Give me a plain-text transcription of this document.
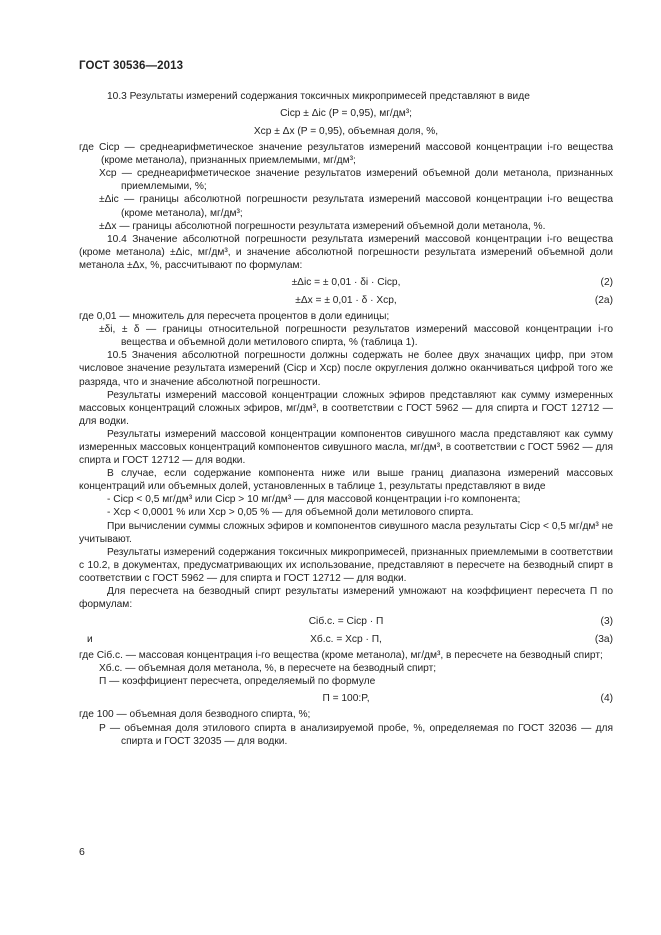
ГОСТ 30536—2013

10.3 Результаты измерений содержания токсичных микропримесей представляют в виде

Cicp ± Δic (P = 0,95), мг/дм³;
Xcp ± Δx (P = 0,95), объемная доля, %,

где Cicp — среднеарифметическое значение результатов измерений массовой концентрации i-го вещества (кроме метанола), признанных приемлемыми, мг/дм³;

Xcp — среднеарифметическое значение результатов измерений объемной доли метанола, признанных приемлемыми, %;

±Δic — границы абсолютной погрешности результата измерений массовой концентрации i-го вещества (кроме метанола), мг/дм³;

±Δx — границы абсолютной погрешности результата измерений объемной доли метанола, %.

10.4 Значение абсолютной погрешности результата измерений массовой концентрации i-го вещества (кроме метанола) ±Δic, мг/дм³, и значение абсолютной погрешности результата измерений объемной доли метанола ±Δx, %, рассчитывают по формулам:

±Δic = ± 0,01 · δi · Cicp,	(2)
±Δx = ± 0,01 · δ · Xcp,	(2a)

где 0,01 — множитель для пересчета процентов в доли единицы;

±δi, ± δ — границы относительной погрешности результатов измерений массовой концентрации i-го вещества и объемной доли метилового спирта, % (таблица 1).

10.5 Значения абсолютной погрешности должны содержать не более двух значащих цифр, при этом числовое значение результата измерений (Cicp и Xcp) после округления должно оканчиваться цифрой того же разряда, что и значение абсолютной погрешности.

Результаты измерений массовой концентрации сложных эфиров представляют как сумму измеренных массовых концентраций сложных эфиров, мг/дм³, в соответствии с ГОСТ 5962 — для спирта и ГОСТ 12712 — для водки.

Результаты измерений массовой концентрации компонентов сивушного масла представляют как сумму измеренных массовых концентраций компонентов сивушного масла, мг/дм³, в соответствии с ГОСТ 5962 — для спирта и ГОСТ 12712 — для водки.

В случае, если содержание компонента ниже или выше границ диапазона измерений массовых концентраций или объемных долей, установленных в таблице 1, результаты представляют в виде

- Cicp < 0,5 мг/дм³ или Cicp > 10 мг/дм³ — для массовой концентрации i-го компонента;

- Xcp < 0,0001 % или Xcp > 0,05 % — для объемной доли метилового спирта.

При вычислении суммы сложных эфиров и компонентов сивушного масла результаты Cicp < 0,5 мг/дм³ не учитывают.

Результаты измерений содержания токсичных микропримесей, признанных приемлемыми в соответствии с 10.2, в документах, предусматривающих их использование, представляют в пересчете на безводный спирт в соответствии с ГОСТ 5962 — для спирта и ГОСТ 12712 — для водки.

Для пересчета на безводный спирт результаты измерений умножают на коэффициент пересчета П по формулам:

Ciб.с. = Cicp · П	(3)
и	Xб.с. = Xcp · П,	(3a)

где Ciб.с. — массовая концентрация i-го вещества (кроме метанола), мг/дм³, в пересчете на безводный спирт;

Xб.с. — объемная доля метанола, %, в пересчете на безводный спирт;

П — коэффициент пересчета, определяемый по формуле

П = 100:P,	(4)

где 100 — объемная доля безводного спирта, %;

P — объемная доля этилового спирта в анализируемой пробе, %, определяемая по ГОСТ 32036 — для спирта и ГОСТ 32035 — для водки.

6
